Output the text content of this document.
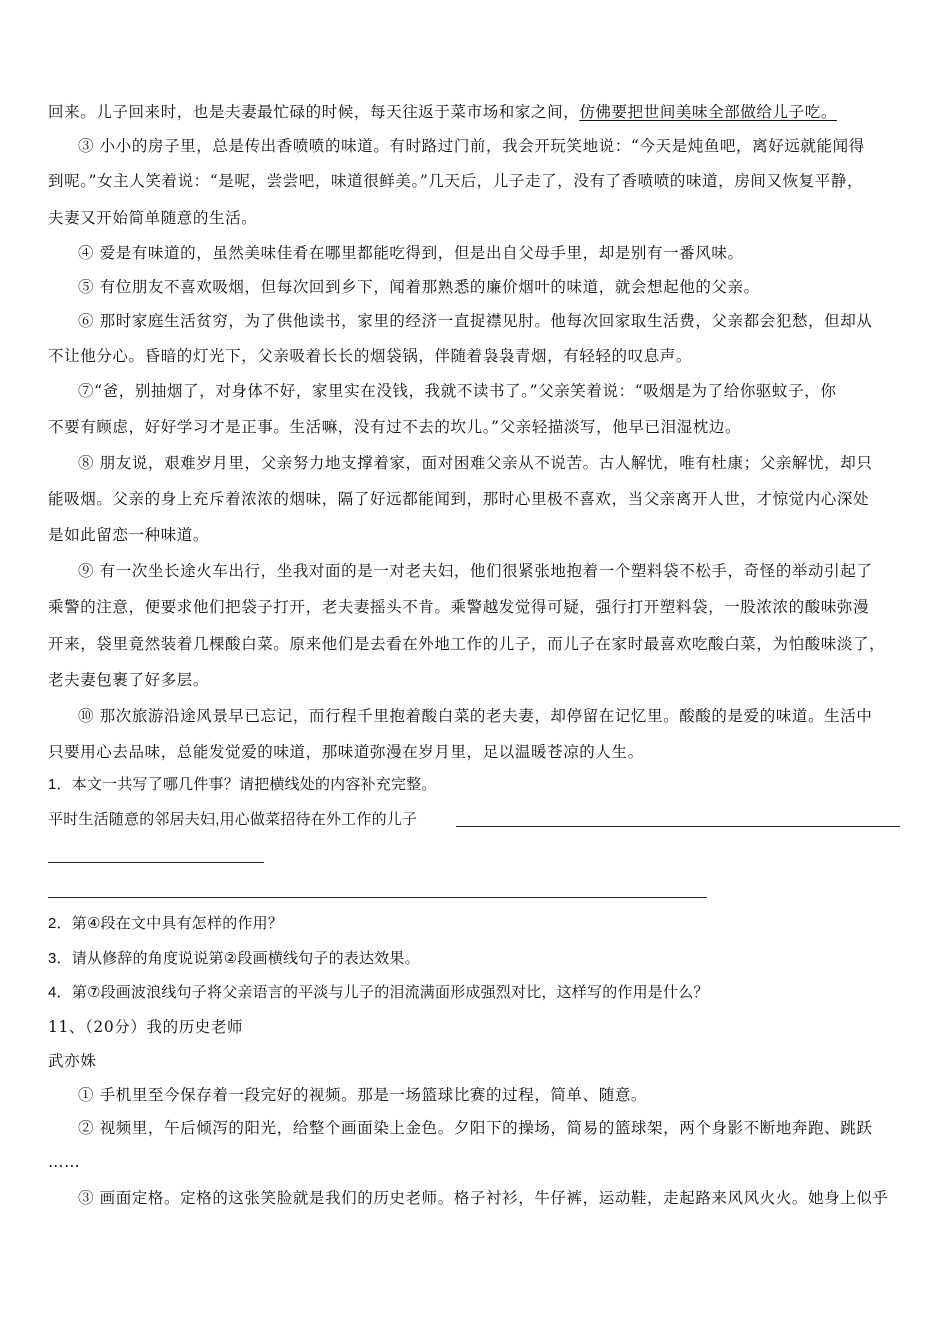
回来。儿子回来时，也是夫妻最忙碌的时候，每天往返于菜市场和家之间，仿佛要把世间美味全部做给儿子吃。
③ 小小的房子里，总是传出香喷喷的味道。有时路过门前，我会开玩笑地说：“今天是炖鱼吧，离好远就能闻得
到呢。”女主人笑着说：“是呢，尝尝吧，味道很鲜美。”几天后，儿子走了，没有了香喷喷的味道，房间又恢复平静，
夫妻又开始简单随意的生活。
④ 爱是有味道的，虽然美味佳肴在哪里都能吃得到，但是出自父母手里，却是别有一番风味。
⑤ 有位朋友不喜欢吸烟，但每次回到乡下，闻着那熟悉的廉价烟叶的味道，就会想起他的父亲。
⑥ 那时家庭生活贫穷，为了供他读书，家里的经济一直捉襟见肘。他每次回家取生活费，父亲都会犯愁，但却从
不让他分心。昏暗的灯光下，父亲吸着长长的烟袋锅，伴随着袅袅青烟，有轻轻的叹息声。
⑦“爸，别抽烟了，对身体不好，家里实在没钱，我就不读书了。”父亲笑着说：“吸烟是为了给你驱蚊子，你
不要有顾虑，好好学习才是正事。生活嘛，没有过不去的坎儿。”父亲轻描淡写，他早已泪湿枕边。
⑧ 朋友说，艰难岁月里，父亲努力地支撑着家，面对困难父亲从不说苦。古人解忧，唯有杜康；父亲解忧，却只
能吸烟。父亲的身上充斥着浓浓的烟味，隔了好远都能闻到，那时心里极不喜欢，当父亲离开人世，才惊觉内心深处
是如此留恋一种味道。
⑨ 有一次坐长途火车出行，坐我对面的是一对老夫妇，他们很紧张地抱着一个塑料袋不松手，奇怪的举动引起了
乘警的注意，便要求他们把袋子打开，老夫妻摇头不肯。乘警越发觉得可疑，强行打开塑料袋，一股浓浓的酸味弥漫
开来，袋里竟然装着几棵酸白菜。原来他们是去看在外地工作的儿子，而儿子在家时最喜欢吃酸白菜，为怕酸味淡了，
老夫妻包裹了好多层。
⑩ 那次旅游沿途风景早已忘记，而行程千里抱着酸白菜的老夫妻，却停留在记忆里。酸酸的是爱的味道。生活中
只要用心去品味，总能发觉爱的味道，那味道弥漫在岁月里，足以温暖苍凉的人生。
1．本文一共写了哪几件事？请把横线处的内容补充完整。
平时生活随意的邻居夫妇,用心做菜招待在外工作的儿子
2．第④段在文中具有怎样的作用？
3．请从修辞的角度说说第②段画横线句子的表达效果。
4．第⑦段画波浪线句子将父亲语言的平淡与儿子的泪流满面形成强烈对比，这样写的作用是什么？
11、（20分）我的历史老师
武亦姝
① 手机里至今保存着一段完好的视频。那是一场篮球比赛的过程，简单、随意。
② 视频里，午后倾泻的阳光，给整个画面染上金色。夕阳下的操场，简易的篮球架，两个身影不断地奔跑、跳跃
……
③ 画面定格。定格的这张笑脸就是我们的历史老师。格子衬衫，牛仔裤，运动鞋，走起路来风风火火。她身上似乎
